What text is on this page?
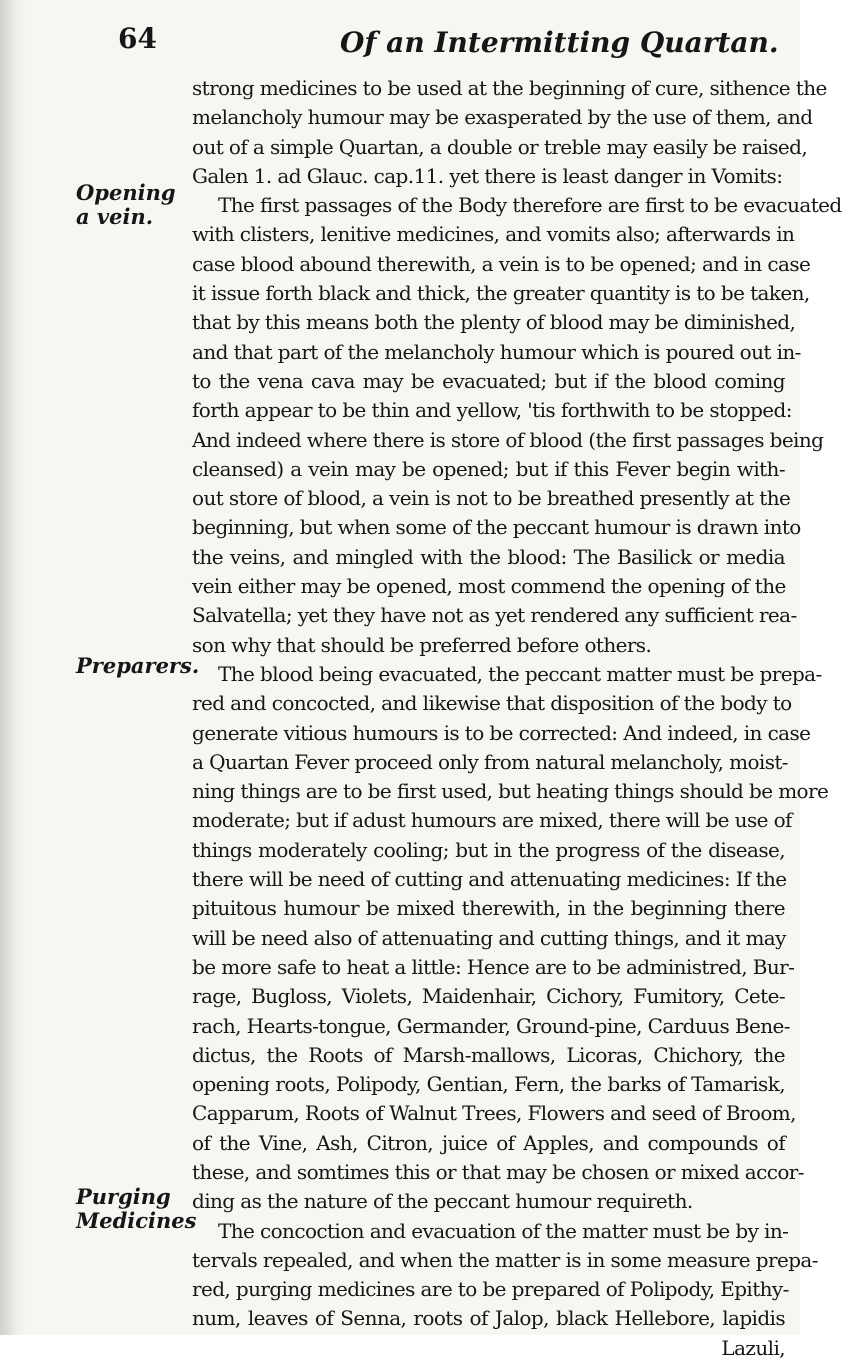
64	Of an Intermitting Quartan.
Opening
a vein.
Preparers.
Purging
Medicines
strong medicines to be used at the beginning of cure, sithence the
melancholy humour may be exasperated by the use of them, and
out of a simple Quartan, a double or treble may easily be raised,
Galen 1. ad Glauc. cap.11. yet there is least danger in Vomits:
The first passages of the Body therefore are first to be evacuated
with clisters, lenitive medicines, and vomits also; afterwards in
case blood abound therewith, a vein is to be opened; and in case
it issue forth black and thick, the greater quantity is to be taken,
that by this means both the plenty of blood may be diminished,
and that part of the melancholy humour which is poured out in-
to the vena cava may be evacuated; but if the blood coming
forth appear to be thin and yellow, 'tis forthwith to be stopped:
And indeed where there is store of blood (the first passages being
cleansed) a vein may be opened; but if this Fever begin with-
out store of blood, a vein is not to be breathed presently at the
beginning, but when some of the peccant humour is drawn into
the veins, and mingled with the blood: The Basilick or media
vein either may be opened, most commend the opening of the
Salvatella; yet they have not as yet rendered any sufficient rea-
son why that should be preferred before others.
The blood being evacuated, the peccant matter must be prepa-
red and concocted, and likewise that disposition of the body to
generate vitious humours is to be corrected: And indeed, in case
a Quartan Fever proceed only from natural melancholy, moist-
ning things are to be first used, but heating things should be more
moderate; but if adust humours are mixed, there will be use of
things moderately cooling; but in the progress of the disease,
there will be need of cutting and attenuating medicines: If the
pituitous humour be mixed therewith, in the beginning there
will be need also of attenuating and cutting things, and it may
be more safe to heat a little: Hence are to be administred, Bur-
rage, Bugloss, Violets, Maidenhair, Cichory, Fumitory, Cete-
rach, Hearts-tongue, Germander, Ground-pine, Carduus Bene-
dictus, the Roots of Marsh-mallows, Licoras, Chichory, the
opening roots, Polipody, Gentian, Fern, the barks of Tamarisk,
Capparum, Roots of Walnut Trees, Flowers and seed of Broom,
of the Vine, Ash, Citron, juice of Apples, and compounds of
these, and somtimes this or that may be chosen or mixed accor-
ding as the nature of the peccant humour requireth.
The concoction and evacuation of the matter must be by in-
tervals repealed, and when the matter is in some measure prepa-
red, purging medicines are to be prepared of Polipody, Epithy-
num, leaves of Senna, roots of Jalop, black Hellebore, lapidis
Lazuli,
